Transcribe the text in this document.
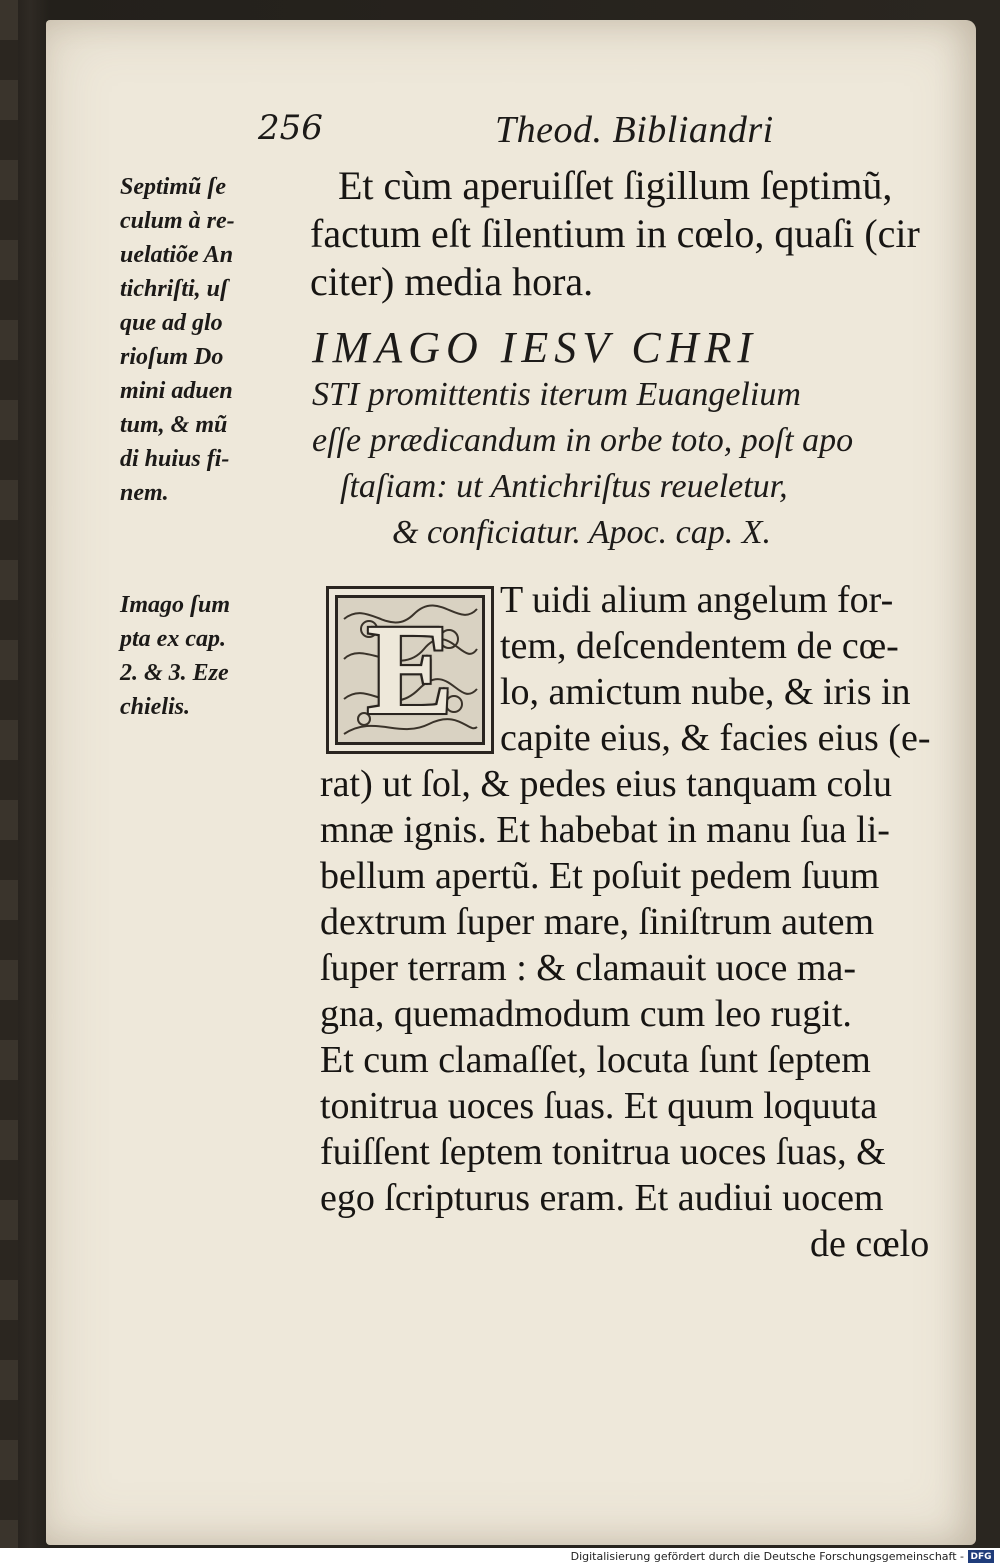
256	Theod. Bibliandri
Septimũ ſe
culum à re-
uelatiõe An
tichriſti, uſ
que ad glo
rioſum Do
mini aduen
tum, & mũ
di huius fi-
nem.
Imago ſum
pta ex cap.
2. & 3. Eze
chielis.
Et cùm aperuiſſet ſigillum ſeptimũ,
factum eſt ſilentium in cœlo, quaſi (cir
citer) media hora.
IMAGO IESV CHRI
STI promittentis iterum Euangelium
eſſe prædicandum in orbe toto, poſt apo
ſtaſiam: ut Antichriſtus reueletur,
& conficiatur. Apoc. cap. X.
E	T uidi alium angelum for-
tem, deſcendentem de cœ-
lo, amictum nube, & iris in
capite eius, & facies eius (e-
rat) ut ſol, & pedes eius tanquam colu
mnæ ignis. Et habebat in manu ſua li-
bellum apertũ. Et poſuit pedem ſuum
dextrum ſuper mare, ſiniſtrum autem
ſuper terram : & clamauit uoce ma-
gna, quemadmodum cum leo rugit.
Et cum clamaſſet, locuta ſunt ſeptem
tonitrua uoces ſuas. Et quum loquuta
fuiſſent ſeptem tonitrua uoces ſuas, &
ego ſcripturus eram. Et audiui uocem
de cœlo
Digitalisierung gefördert durch die Deutsche Forschungsgemeinschaft - DFG
